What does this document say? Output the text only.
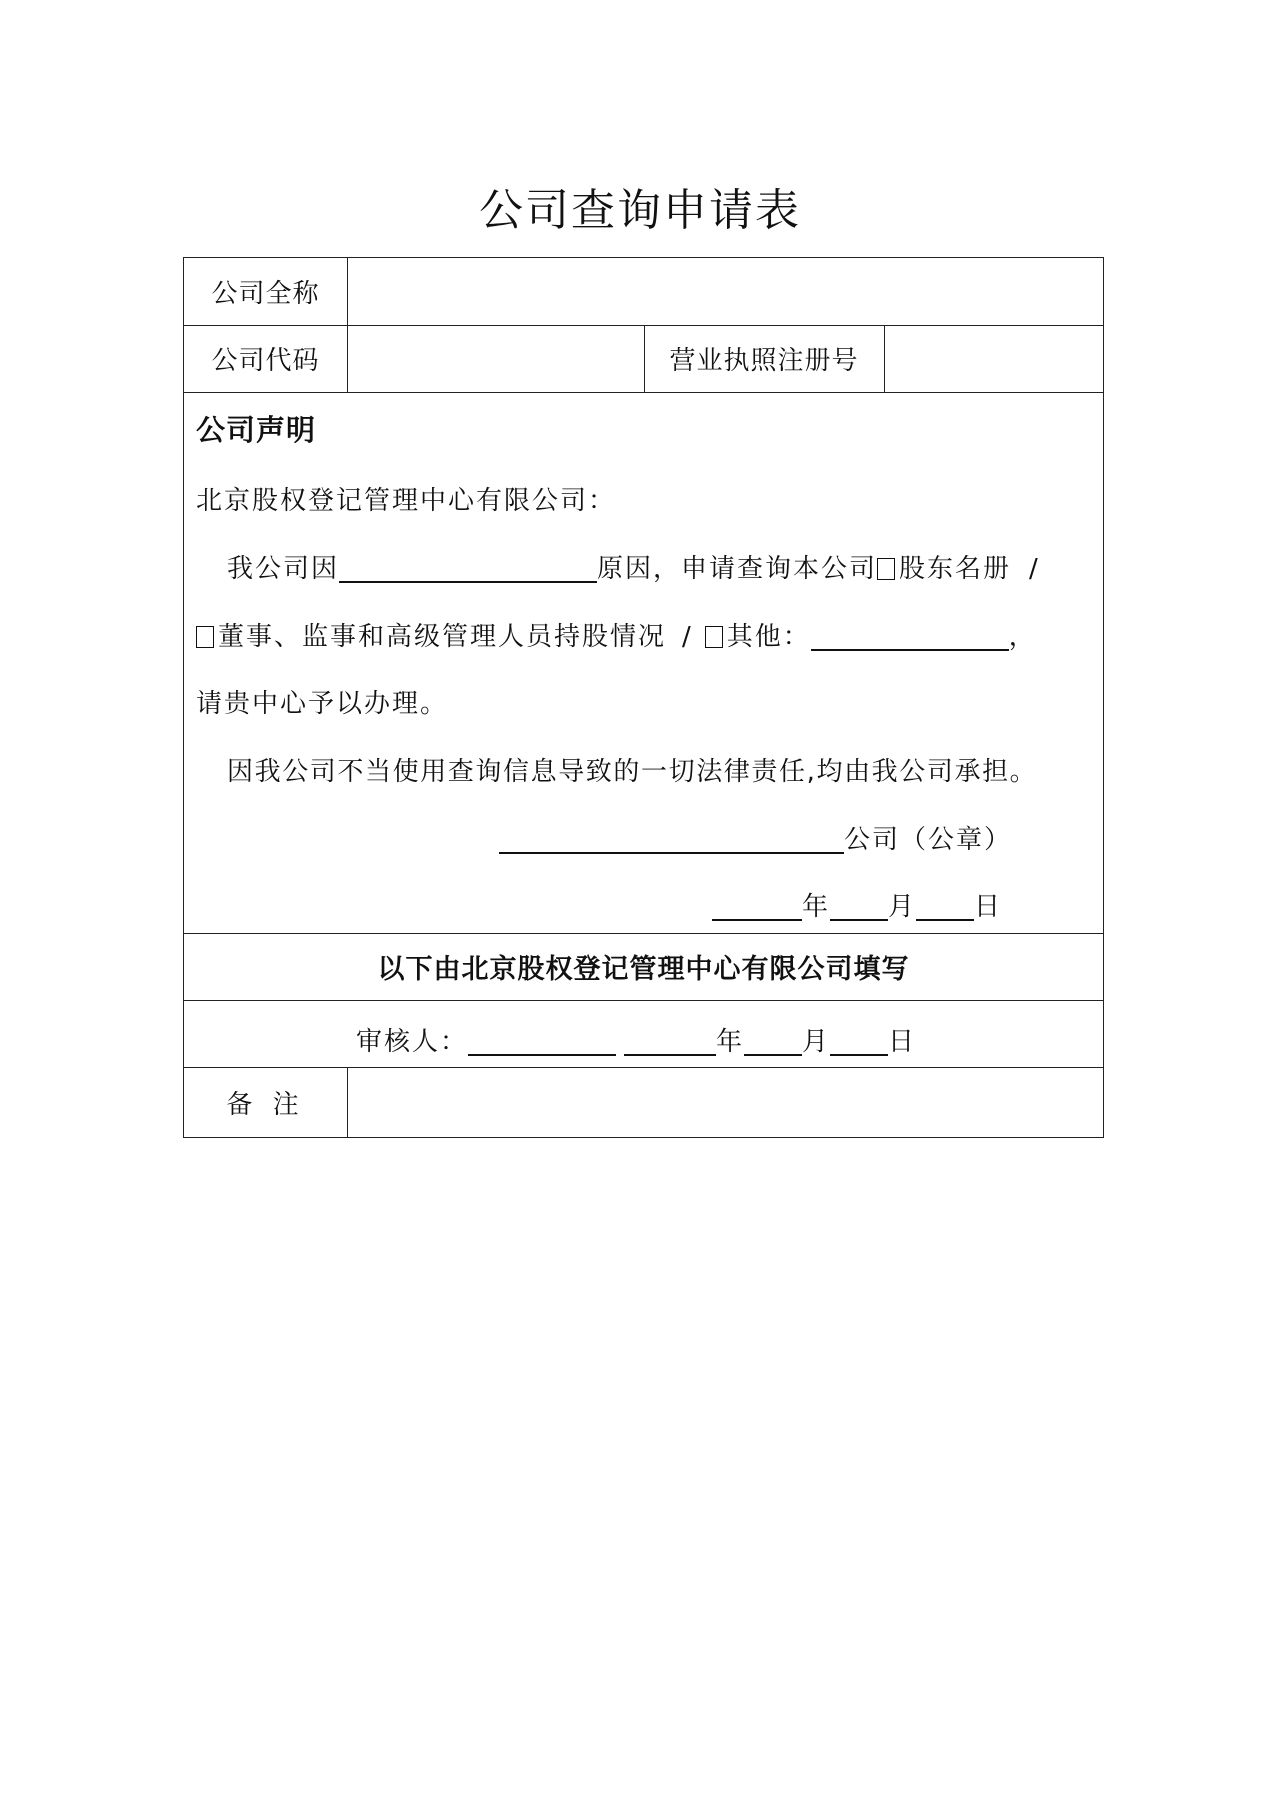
公司查询申请表
公司全称
公司代码	营业执照注册号
公司声明
北京股权登记管理中心有限公司：
我公司因	原因，申请查询本公司 股东名册 /
董事、监事和高级管理人员持股情况 / 其他：	，
请贵中心予以办理。
因我公司不当使用查询信息导致的一切法律责任,均由我公司承担。
公司（公章）
年 月 日
以下由北京股权登记管理中心有限公司填写
审核人：	年 月 日
备 注
